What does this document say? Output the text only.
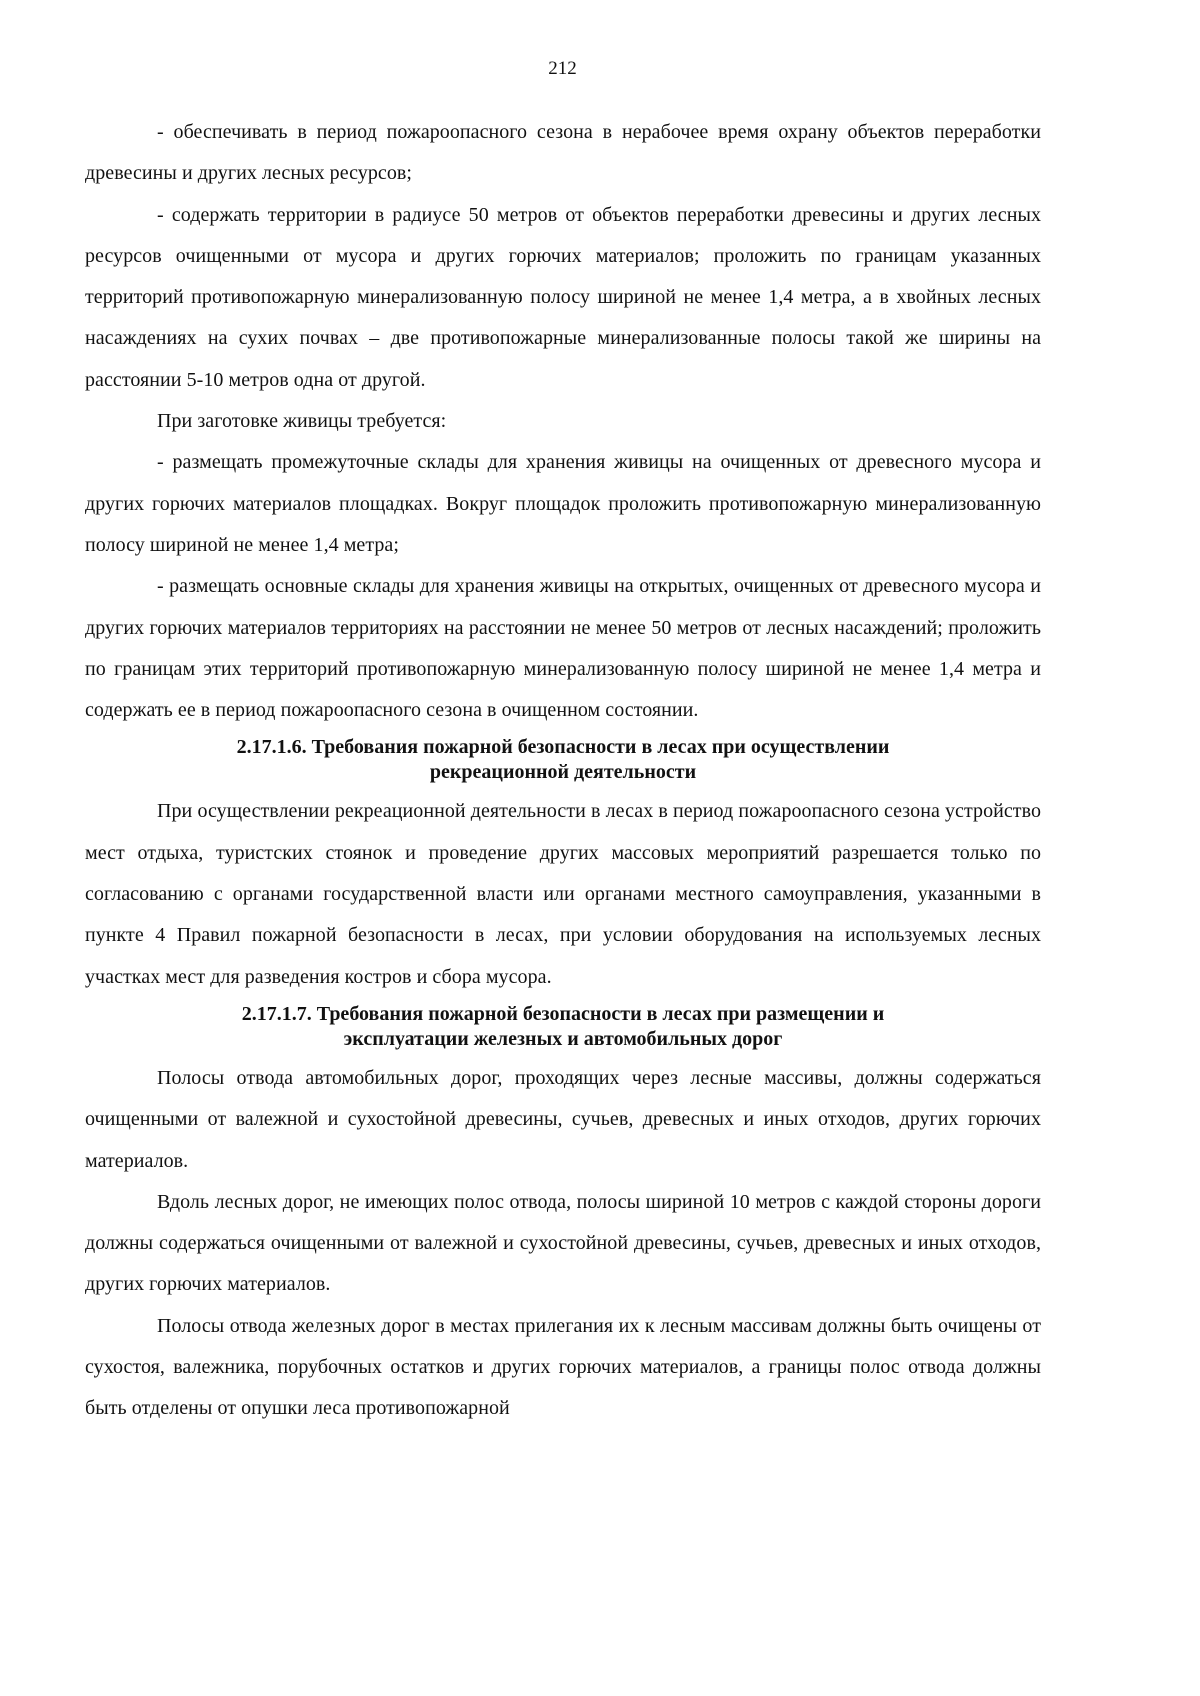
212

- обеспечивать в период пожароопасного сезона в нерабочее время охрану объектов переработки древесины и других лесных ресурсов;

- содержать территории в радиусе 50 метров от объектов переработки древесины и других лесных ресурсов очищенными от мусора и других горючих материалов; проложить по границам указанных территорий противопожарную минерализованную полосу шириной не менее 1,4 метра, а в хвойных лесных насаждениях на сухих почвах – две противопожарные минерализованные полосы такой же ширины на расстоянии 5-10 метров одна от другой.

При заготовке живицы требуется:

- размещать промежуточные склады для хранения живицы на очищенных от древесного мусора и других горючих материалов площадках. Вокруг площадок проложить противопожарную минерализованную полосу шириной не менее 1,4 метра;

- размещать основные склады для хранения живицы на открытых, очищенных от древесного мусора и других горючих материалов территориях на расстоянии не менее 50 метров от лесных насаждений; проложить по границам этих территорий противопожарную минерализованную полосу шириной не менее 1,4 метра и содержать ее в период пожароопасного сезона в очищенном состоянии.

2.17.1.6. Требования пожарной безопасности в лесах при осуществлении
рекреационной деятельности

При осуществлении рекреационной деятельности в лесах в период пожароопасного сезона устройство мест отдыха, туристских стоянок и проведение других массовых мероприятий разрешается только по согласованию с органами государственной власти или органами местного самоуправления, указанными в пункте 4 Правил пожарной безопасности в лесах, при условии оборудования на используемых лесных участках мест для разведения костров и сбора мусора.

2.17.1.7. Требования пожарной безопасности в лесах при размещении и
эксплуатации железных и автомобильных дорог

Полосы отвода автомобильных дорог, проходящих через лесные массивы, должны содержаться очищенными от валежной и сухостойной древесины, сучьев, древесных и иных отходов, других горючих материалов.

Вдоль лесных дорог, не имеющих полос отвода, полосы шириной 10 метров с каждой стороны дороги должны содержаться очищенными от валежной и сухостойной древесины, сучьев, древесных и иных отходов, других горючих материалов.

Полосы отвода железных дорог в местах прилегания их к лесным массивам должны быть очищены от сухостоя, валежника, порубочных остатков и других горючих материалов, а границы полос отвода должны быть отделены от опушки леса противопожарной
